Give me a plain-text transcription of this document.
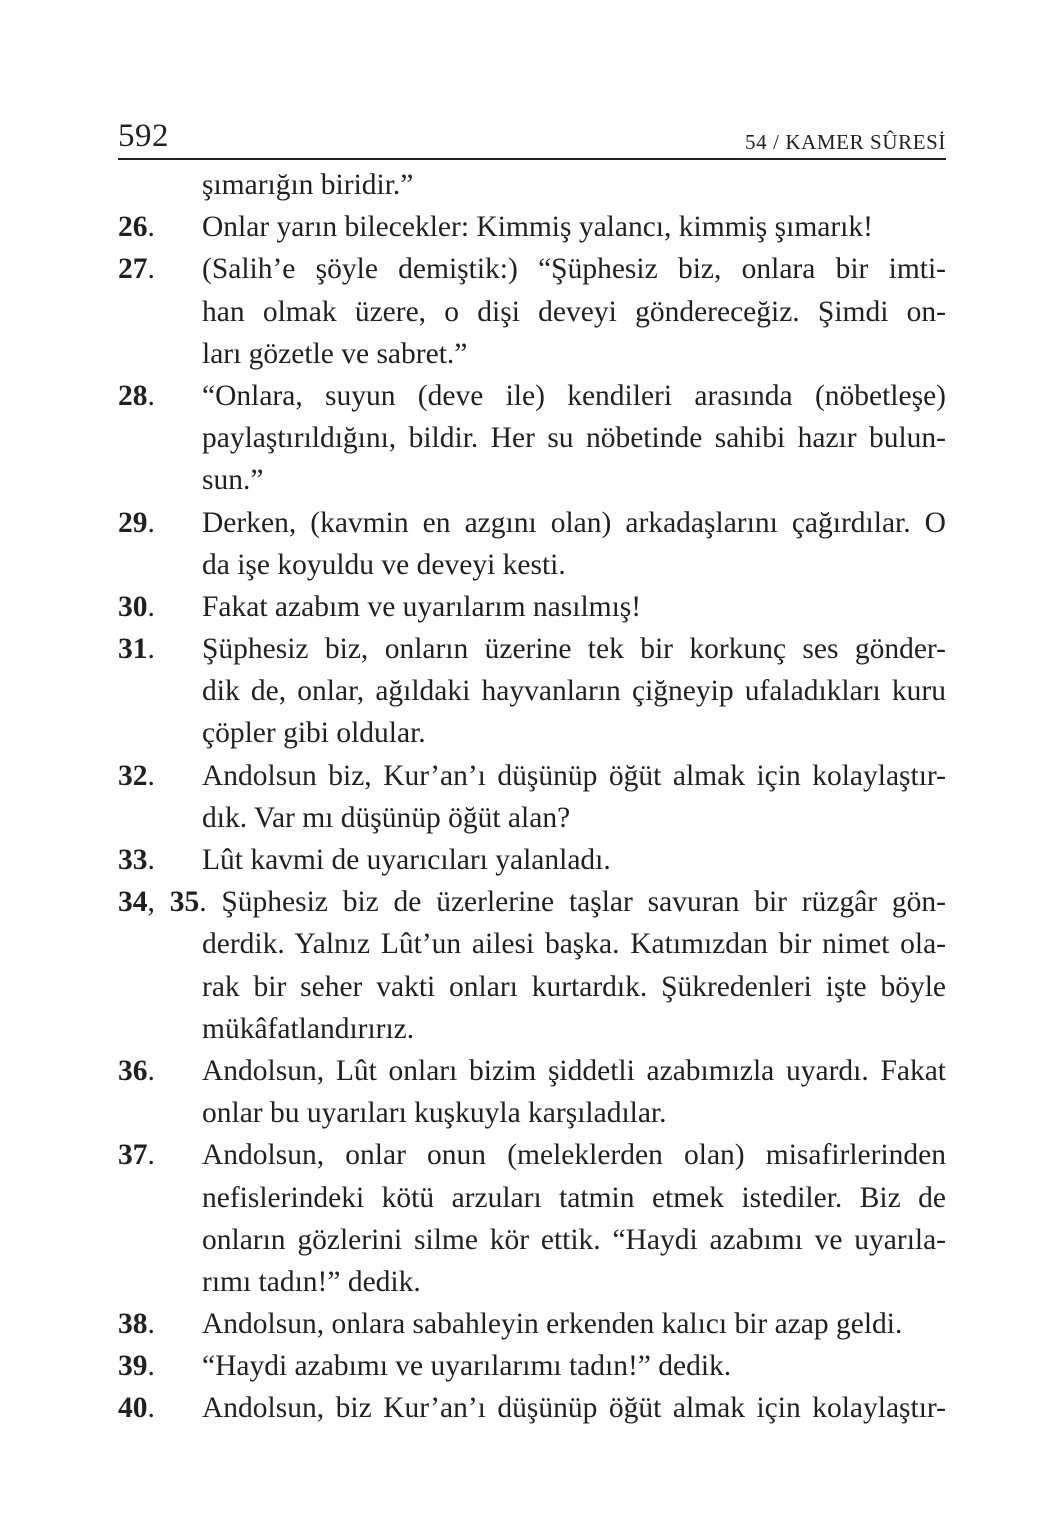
592	54 / KAMER SÛRESİ
şımarığın biridir.”
26. Onlar yarın bilecekler: Kimmiş yalancı, kimmiş şımarık!
27. (Salih’e şöyle demiştik:) “Şüphesiz biz, onlara bir imti-
han olmak üzere, o dişi deveyi göndereceğiz. Şimdi on-
ları gözetle ve sabret.”
28. “Onlara, suyun (deve ile) kendileri arasında (nöbetleşe)
paylaştırıldığını, bildir. Her su nöbetinde sahibi hazır bulun-
sun.”
29. Derken, (kavmin en azgını olan) arkadaşlarını çağırdılar. O
da işe koyuldu ve deveyi kesti.
30. Fakat azabım ve uyarılarım nasılmış!
31. Şüphesiz biz, onların üzerine tek bir korkunç ses gönder-
dik de, onlar, ağıldaki hayvanların çiğneyip ufaladıkları kuru
çöpler gibi oldular.
32. Andolsun biz, Kur’an’ı düşünüp öğüt almak için kolaylaştır-
dık. Var mı düşünüp öğüt alan?
33. Lût kavmi de uyarıcıları yalanladı.
34, 35. Şüphesiz biz de üzerlerine taşlar savuran bir rüzgâr gön-
derdik. Yalnız Lût’un ailesi başka. Katımızdan bir nimet ola-
rak bir seher vakti onları kurtardık. Şükredenleri işte böyle
mükâfatlandırırız.
36. Andolsun, Lût onları bizim şiddetli azabımızla uyardı. Fakat
onlar bu uyarıları kuşkuyla karşıladılar.
37. Andolsun, onlar onun (meleklerden olan) misafirlerinden
nefislerindeki kötü arzuları tatmin etmek istediler. Biz de
onların gözlerini silme kör ettik. “Haydi azabımı ve uyarıla-
rımı tadın!” dedik.
38. Andolsun, onlara sabahleyin erkenden kalıcı bir azap geldi.
39. “Haydi azabımı ve uyarılarımı tadın!” dedik.
40. Andolsun, biz Kur’an’ı düşünüp öğüt almak için kolaylaştır-
